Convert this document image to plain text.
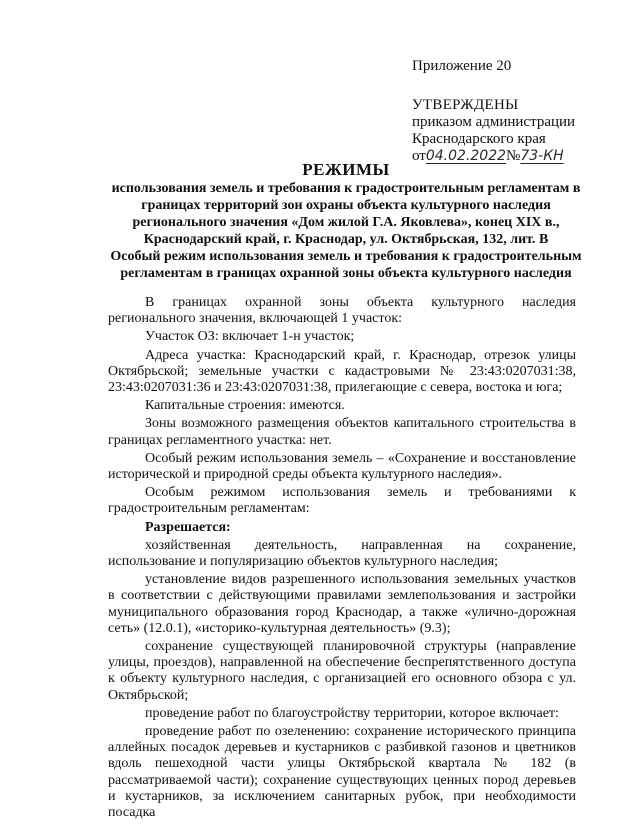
Приложение 20

УТВЕРЖДЕНЫ

приказом администрации

Краснодарского края

от04.02.2022№73-КН

РЕЖИМЫ

использования земель и требования к градостроительным регламентам в границах территорий зон охраны объекта культурного наследия регионального значения «Дом жилой Г.А. Яковлева», конец XIX в., Краснодарский край, г. Краснодар, ул. Октябрьская, 132, лит. В

Особый режим использования земель и требования к градостроительным регламентам в границах охранной зоны объекта культурного наследия

В границах охранной зоны объекта культурного наследия регионального значения, включающей 1 участок:

Участок ОЗ: включает 1-н участок;

Адреса участка: Краснодарский край, г. Краснодар, отрезок улицы Октябрьской; земельные участки с кадастровыми № 23:43:0207031:38, 23:43:0207031:36 и 23:43:0207031:38, прилегающие с севера, востока и юга;

Капитальные строения: имеются.

Зоны возможного размещения объектов капитального строительства в границах регламентного участка: нет.

Особый режим использования земель – «Сохранение и восстановление исторической и природной среды объекта культурного наследия».

Особым режимом использования земель и требованиями к градостроительным регламентам:

Разрешается:

хозяйственная деятельность, направленная на сохранение, использование и популяризацию объектов культурного наследия;

установление видов разрешенного использования земельных участков в соответствии с действующими правилами землепользования и застройки муниципального образования город Краснодар, а также «улично-дорожная сеть» (12.0.1), «историко-культурная деятельность» (9.3);

сохранение существующей планировочной структуры (направление улицы, проездов), направленной на обеспечение беспрепятственного доступа к объекту культурного наследия, с организацией его основного обзора с ул. Октябрьской;

проведение работ по благоустройству территории, которое включает:

проведение работ по озеленению: сохранение исторического принципа аллейных посадок деревьев и кустарников с разбивкой газонов и цветников вдоль пешеходной части улицы Октябрьской квартала № 182 (в рассматриваемой части); сохранение существующих ценных пород деревьев и кустарников, за исключением санитарных рубок, при необходимости посадка
